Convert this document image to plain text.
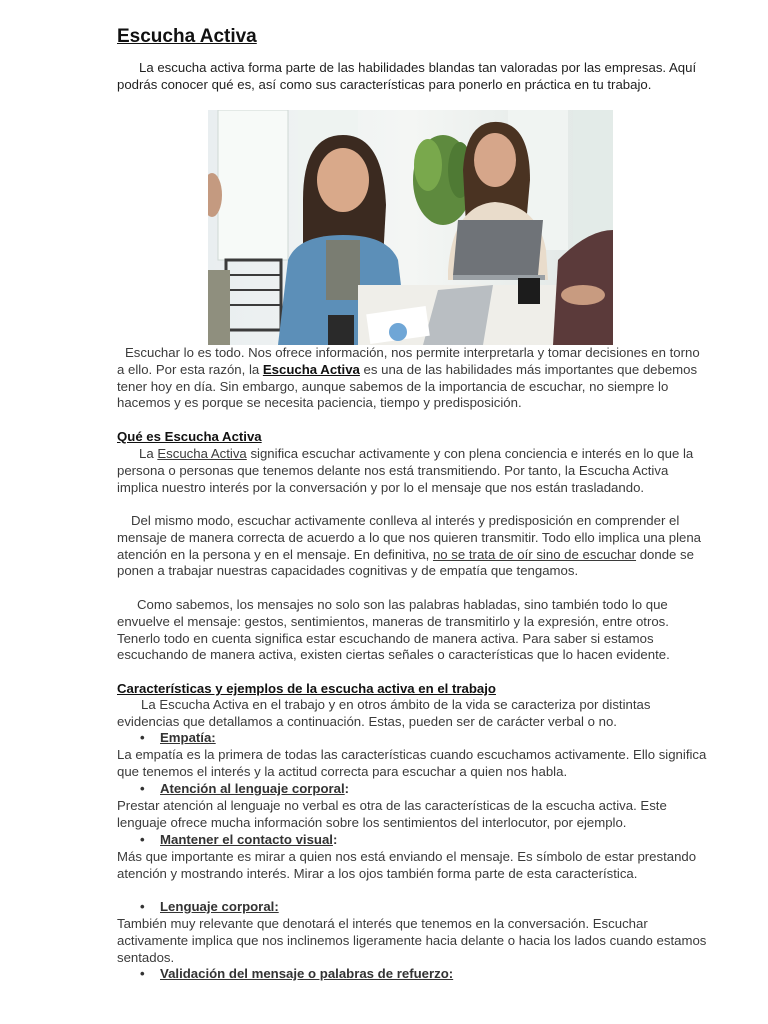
Escucha Activa

La escucha activa forma parte de las habilidades blandas tan valoradas por las empresas. Aquí podrás conocer qué es, así como sus características para ponerlo en práctica en tu trabajo.

Escuchar lo es todo. Nos ofrece información, nos permite interpretarla y tomar decisiones en torno a ello. Por esta razón, la Escucha Activa es una de las habilidades más importantes que debemos tener hoy en día. Sin embargo, aunque sabemos de la importancia de escuchar, no siempre lo hacemos y es porque se necesita paciencia, tiempo y predisposición.

Qué es Escucha Activa

La Escucha Activa significa escuchar activamente y con plena conciencia e interés en lo que la persona o personas que tenemos delante nos está transmitiendo. Por tanto, la Escucha Activa implica nuestro interés por la conversación y por lo el mensaje que nos están trasladando.

Del mismo modo, escuchar activamente conlleva al interés y predisposición en comprender el mensaje de manera correcta de acuerdo a lo que nos quieren transmitir. Todo ello implica una plena atención en la persona y en el mensaje. En definitiva, no se trata de oír sino de escuchar donde se ponen a trabajar nuestras capacidades cognitivas y de empatía que tengamos.

Como sabemos, los mensajes no solo son las palabras habladas, sino también todo lo que envuelve el mensaje: gestos, sentimientos, maneras de transmitirlo y la expresión, entre otros. Tenerlo todo en cuenta significa estar escuchando de manera activa. Para saber si estamos escuchando de manera activa, existen ciertas señales o características que lo hacen evidente.

Características y ejemplos de la escucha activa en el trabajo

La Escucha Activa en el trabajo y en otros ámbito de la vida se caracteriza por distintas evidencias que detallamos a continuación. Estas, pueden ser de carácter verbal o no.

• Empatía:

La empatía es la primera de todas las características cuando escuchamos activamente. Ello significa que tenemos el interés y la actitud correcta para escuchar a quien nos habla.

• Atención al lenguaje corporal:

Prestar atención al lenguaje no verbal es otra de las características de la escucha activa. Este lenguaje ofrece mucha información sobre los sentimientos del interlocutor, por ejemplo.

• Mantener el contacto visual:

Más que importante es mirar a quien nos está enviando el mensaje. Es símbolo de estar prestando atención y mostrando interés. Mirar a los ojos también forma parte de esta característica.

• Lenguaje corporal:

También muy relevante que denotará el interés que tenemos en la conversación. Escuchar activamente implica que nos inclinemos ligeramente hacia delante o hacia los lados cuando estamos sentados.

• Validación del mensaje o palabras de refuerzo:
